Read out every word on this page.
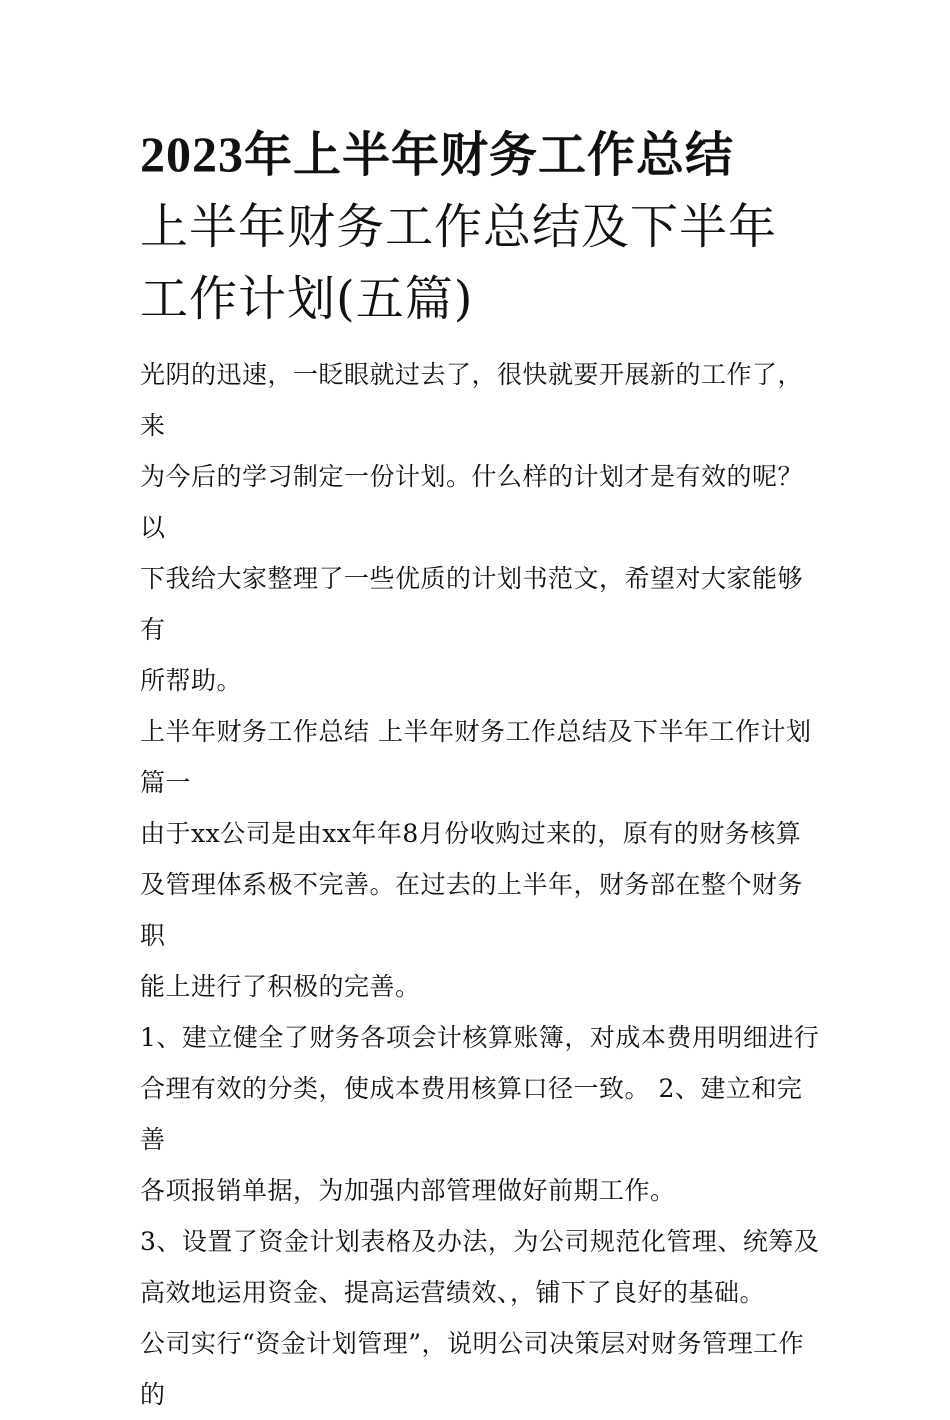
2023年上半年财务工作总结

上半年财务工作总结及下半年

工作计划(五篇)

光阴的迅速，一眨眼就过去了，很快就要开展新的工作了，来

为今后的学习制定一份计划。什么样的计划才是有效的呢？以

下我给大家整理了一些优质的计划书范文，希望对大家能够有

所帮助。

上半年财务工作总结 上半年财务工作总结及下半年工作计划

篇一

由于xx公司是由xx年年8月份收购过来的，原有的财务核算

及管理体系极不完善。在过去的上半年，财务部在整个财务职

能上进行了积极的完善。

1、建立健全了财务各项会计核算账簿，对成本费用明细进行

合理有效的分类，使成本费用核算口径一致。 2、建立和完善

各项报销单据，为加强内部管理做好前期工作。

3、设置了资金计划表格及办法，为公司规范化管理、统筹及

高效地运用资金、提高运营绩效、，铺下了良好的基础。

公司实行“资金计划管理”，说明公司决策层对财务管理工作的
